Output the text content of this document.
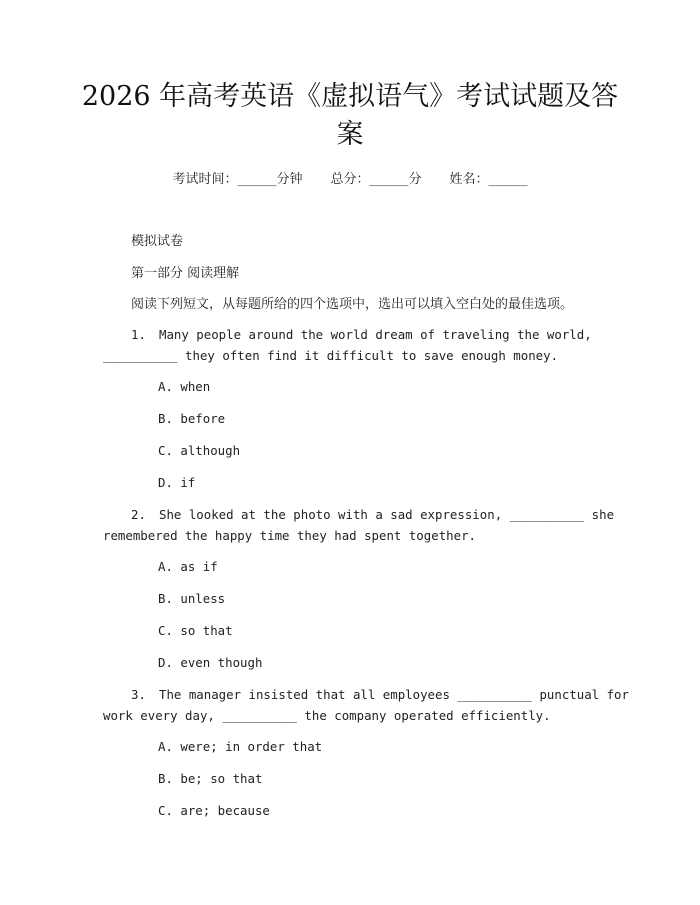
2026 年高考英语《虚拟语气》考试试题及答
案
考试时间：______分钟 总分：______分 姓名：______
模拟试卷
第一部分 阅读理解
阅读下列短文，从每题所给的四个选项中，选出可以填入空白处的最佳选项。
1. Many people around the world dream of traveling the world,
__________ they often find it difficult to save enough money.
A. when
B. before
C. although
D. if
2. She looked at the photo with a sad expression, __________ she
remembered the happy time they had spent together.
A. as if
B. unless
C. so that
D. even though
3. The manager insisted that all employees __________ punctual for
work every day, __________ the company operated efficiently.
A. were; in order that
B. be; so that
C. are; because
